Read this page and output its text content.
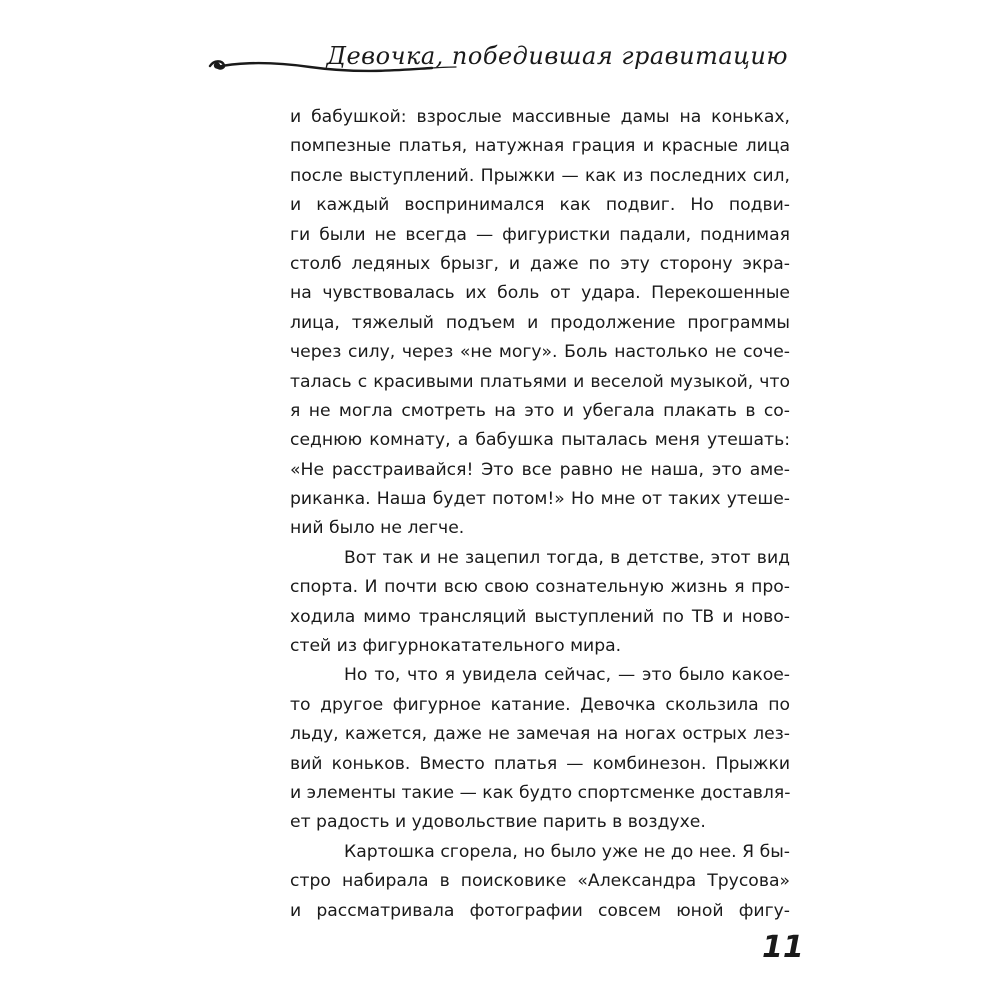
Девочка, победившая гравитацию
и бабушкой: взрослые массивные дамы на коньках,
помпезные платья, натужная грация и красные лица
после выступлений. Прыжки — как из последних сил,
и каждый воспринимался как подвиг. Но подви-
ги были не всегда — фигуристки падали, поднимая
столб ледяных брызг, и даже по эту сторону экра-
на чувствовалась их боль от удара. Перекошенные
лица, тяжелый подъем и продолжение программы
через силу, через «не могу». Боль настолько не соче-
талась с красивыми платьями и веселой музыкой, что
я не могла смотреть на это и убегала плакать в со-
седнюю комнату, а бабушка пыталась меня утешать:
«Не расстраивайся! Это все равно не наша, это аме-
риканка. Наша будет потом!» Но мне от таких утеше-
ний было не легче.
Вот так и не зацепил тогда, в детстве, этот вид
спорта. И почти всю свою сознательную жизнь я про-
ходила мимо трансляций выступлений по ТВ и ново-
стей из фигурнокатательного мира.
Но то, что я увидела сейчас, — это было какое-
то другое фигурное катание. Девочка скользила по
льду, кажется, даже не замечая на ногах острых лез-
вий коньков. Вместо платья — комбинезон. Прыжки
и элементы такие — как будто спортсменке доставля-
ет радость и удовольствие парить в воздухе.
Картошка сгорела, но было уже не до нее. Я бы-
стро набирала в поисковике «Александра Трусова»
и рассматривала фотографии совсем юной фигу-
11
